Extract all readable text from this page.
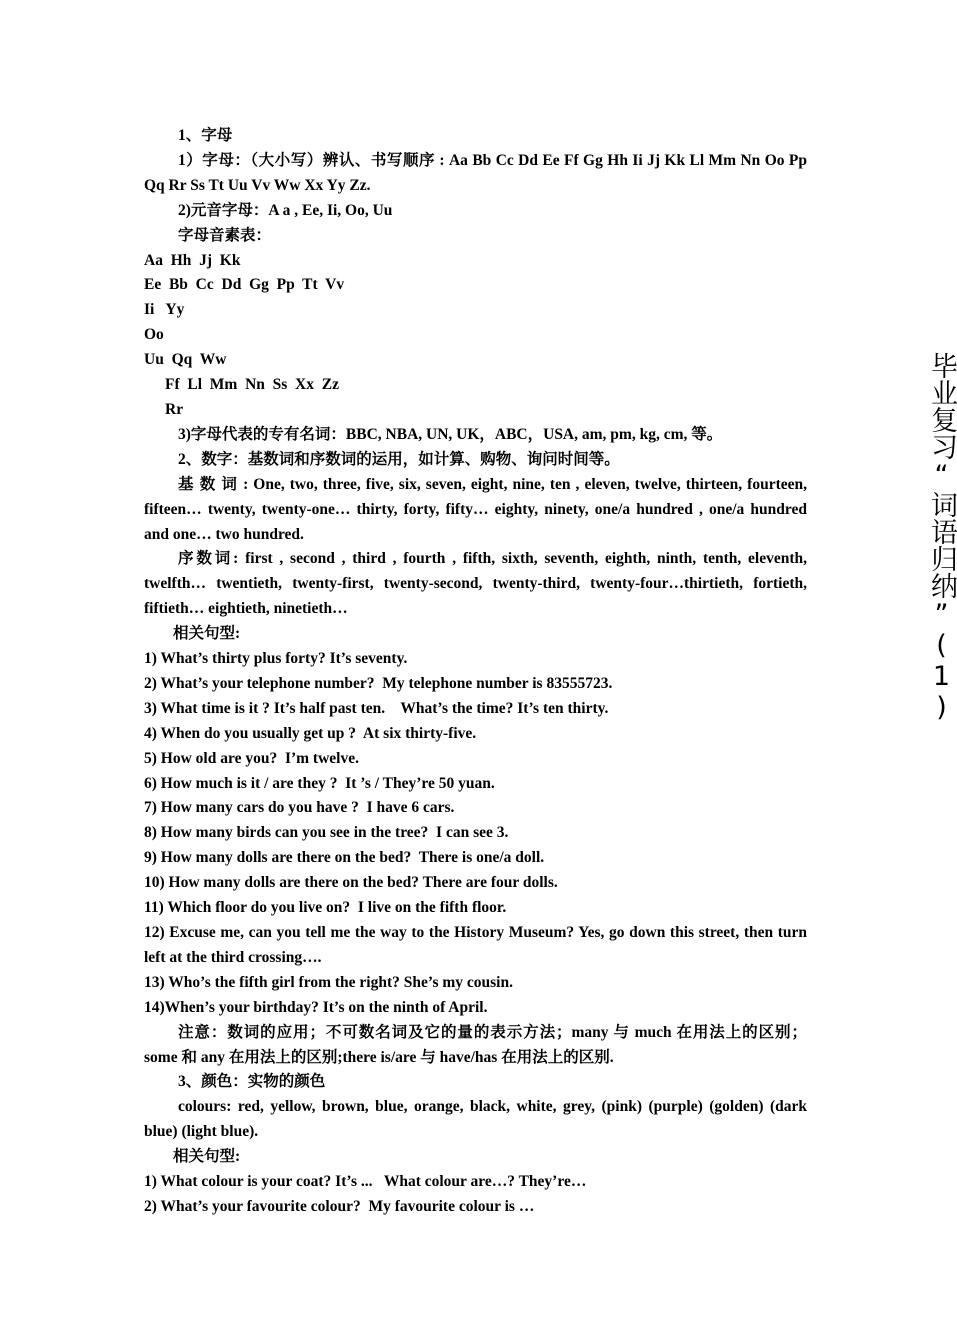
1、字母

1）字母：（大小写）辨认、书写顺序 : Aa Bb Cc Dd Ee Ff Gg Hh Ii Jj Kk Ll Mm Nn Oo Pp Qq Rr Ss Tt Uu Vv Ww Xx Yy Zz.

2)元音字母：A a , Ee, Ii, Oo, Uu

字母音素表：

Aa  Hh  Jj  Kk

Ee  Bb  Cc  Dd  Gg  Pp  Tt  Vv

Ii   Yy

Oo

Uu  Qq  Ww

Ff  Ll  Mm  Nn  Ss  Xx  Zz

Rr

3)字母代表的专有名词：BBC, NBA, UN, UK，ABC，USA, am, pm, kg, cm, 等。

2、数字：基数词和序数词的运用，如计算、购物、询问时间等。

基 数 词 : One, two, three, five, six, seven, eight, nine, ten , eleven, twelve, thirteen, fourteen, fifteen… twenty, twenty-one… thirty, forty, fifty… eighty, ninety, one/a hundred , one/a hundred and one… two hundred.

序数词: first , second , third , fourth , fifth, sixth, seventh, eighth, ninth, tenth, eleventh, twelfth… twentieth, twenty-first, twenty-second, twenty-third, twenty-four…thirtieth, fortieth, fiftieth… eightieth, ninetieth…

相关句型:

1) What’s thirty plus forty? It’s seventy.

2) What’s your telephone number?  My telephone number is 83555723.

3) What time is it ? It’s half past ten.    What’s the time? It’s ten thirty.

4) When do you usually get up ?  At six thirty-five.

5) How old are you?  I’m twelve.

6) How much is it / are they ?  It ’s / They’re 50 yuan.

7) How many cars do you have ?  I have 6 cars.

8) How many birds can you see in the tree?  I can see 3.

9) How many dolls are there on the bed?  There is one/a doll.

10) How many dolls are there on the bed? There are four dolls.

11) Which floor do you live on?  I live on the fifth floor.

12) Excuse me, can you tell me the way to the History Museum? Yes, go down this street, then turn left at the third crossing….

13) Who’s the fifth girl from the right? She’s my cousin.

14)When’s your birthday? It’s on the ninth of April.

注意：数词的应用；不可数名词及它的量的表示方法；many 与 much 在用法上的区别；some 和 any 在用法上的区别;there is/are 与 have/has 在用法上的区别.

3、颜色：实物的颜色

colours: red, yellow, brown, blue, orange, black, white, grey, (pink) (purple) (golden) (dark blue) (light blue).

相关句型:

1) What colour is your coat? It’s ...   What colour are…? They’re…

2) What’s your favourite colour?  My favourite colour is …

毕业复习“词语归纳”(1)
